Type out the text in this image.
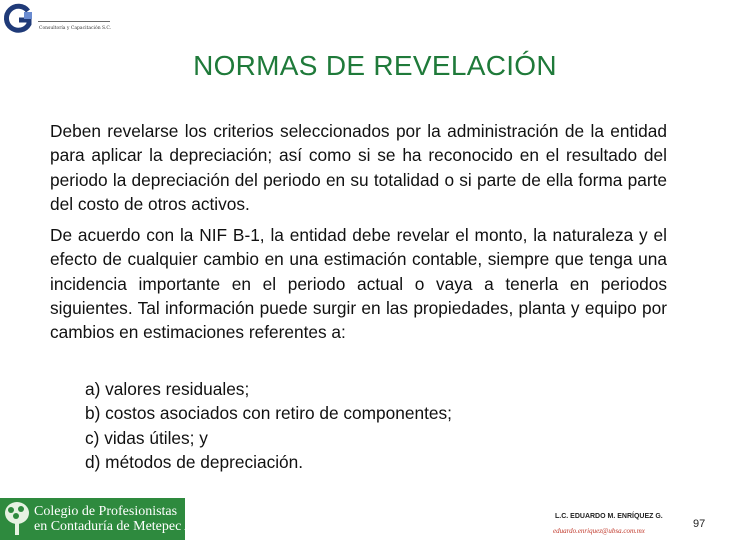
Consultoría y Capacitación S.C.
NORMAS DE REVELACIÓN
Deben revelarse los criterios seleccionados por la administración de la entidad para aplicar la depreciación; así como si se ha reconocido en el resultado del periodo la depreciación del periodo en su totalidad o si parte de ella forma parte del costo de otros activos.
De acuerdo con la NIF B-1, la entidad debe revelar el monto, la naturaleza y el efecto de cualquier cambio en una estimación contable, siempre que tenga una incidencia importante en el periodo actual o vaya a tenerla en periodos siguientes. Tal información puede surgir en las propiedades, planta y equipo por cambios en estimaciones referentes a:
a) valores residuales;
b) costos asociados con retiro de componentes;
c) vidas útiles; y
d) métodos de depreciación.
Colegio de Profesionistas
en Contaduría de Metepec A.C.
L.C. EDUARDO M. ENRÍQUEZ G.
eduardo.enriquez@ubsa.com.mx
97
